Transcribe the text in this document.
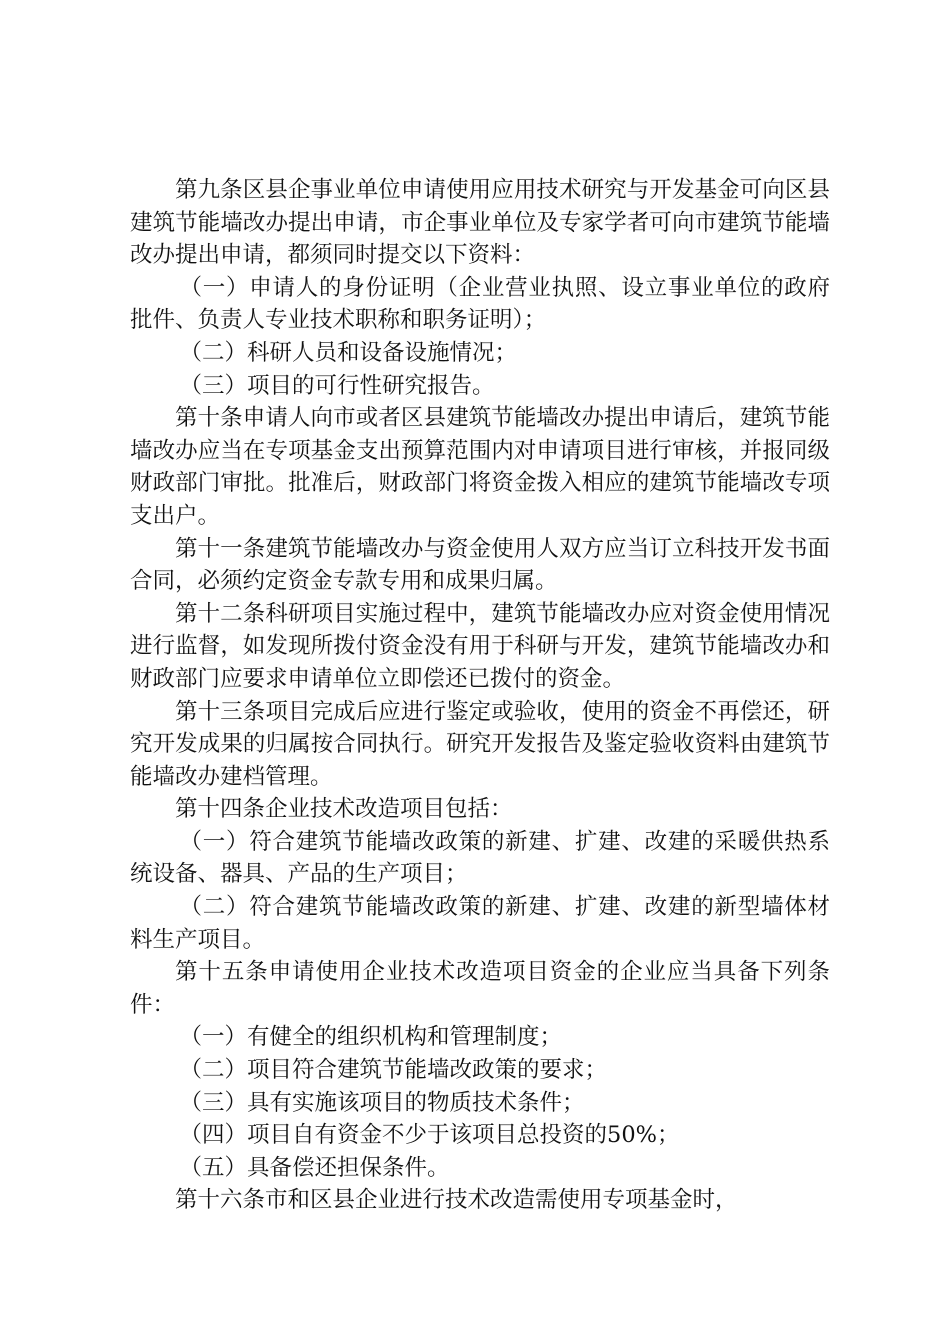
第九条区县企事业单位申请使用应用技术研究与开发基金可向区县建筑节能墙改办提出申请，市企事业单位及专家学者可向市建筑节能墙改办提出申请，都须同时提交以下资料：

（一）申请人的身份证明（企业营业执照、设立事业单位的政府批件、负责人专业技术职称和职务证明）；

（二）科研人员和设备设施情况；

（三）项目的可行性研究报告。

第十条申请人向市或者区县建筑节能墙改办提出申请后，建筑节能墙改办应当在专项基金支出预算范围内对申请项目进行审核，并报同级财政部门审批。批准后，财政部门将资金拨入相应的建筑节能墙改专项支出户。

第十一条建筑节能墙改办与资金使用人双方应当订立科技开发书面合同，必须约定资金专款专用和成果归属。

第十二条科研项目实施过程中，建筑节能墙改办应对资金使用情况进行监督，如发现所拨付资金没有用于科研与开发，建筑节能墙改办和财政部门应要求申请单位立即偿还已拨付的资金。

第十三条项目完成后应进行鉴定或验收，使用的资金不再偿还，研究开发成果的归属按合同执行。研究开发报告及鉴定验收资料由建筑节能墙改办建档管理。

第十四条企业技术改造项目包括：

（一）符合建筑节能墙改政策的新建、扩建、改建的采暖供热系统设备、器具、产品的生产项目；

（二）符合建筑节能墙改政策的新建、扩建、改建的新型墙体材料生产项目。

第十五条申请使用企业技术改造项目资金的企业应当具备下列条件：

（一）有健全的组织机构和管理制度；

（二）项目符合建筑节能墙改政策的要求；

（三）具有实施该项目的物质技术条件；

（四）项目自有资金不少于该项目总投资的50%；

（五）具备偿还担保条件。

第十六条市和区县企业进行技术改造需使用专项基金时，
